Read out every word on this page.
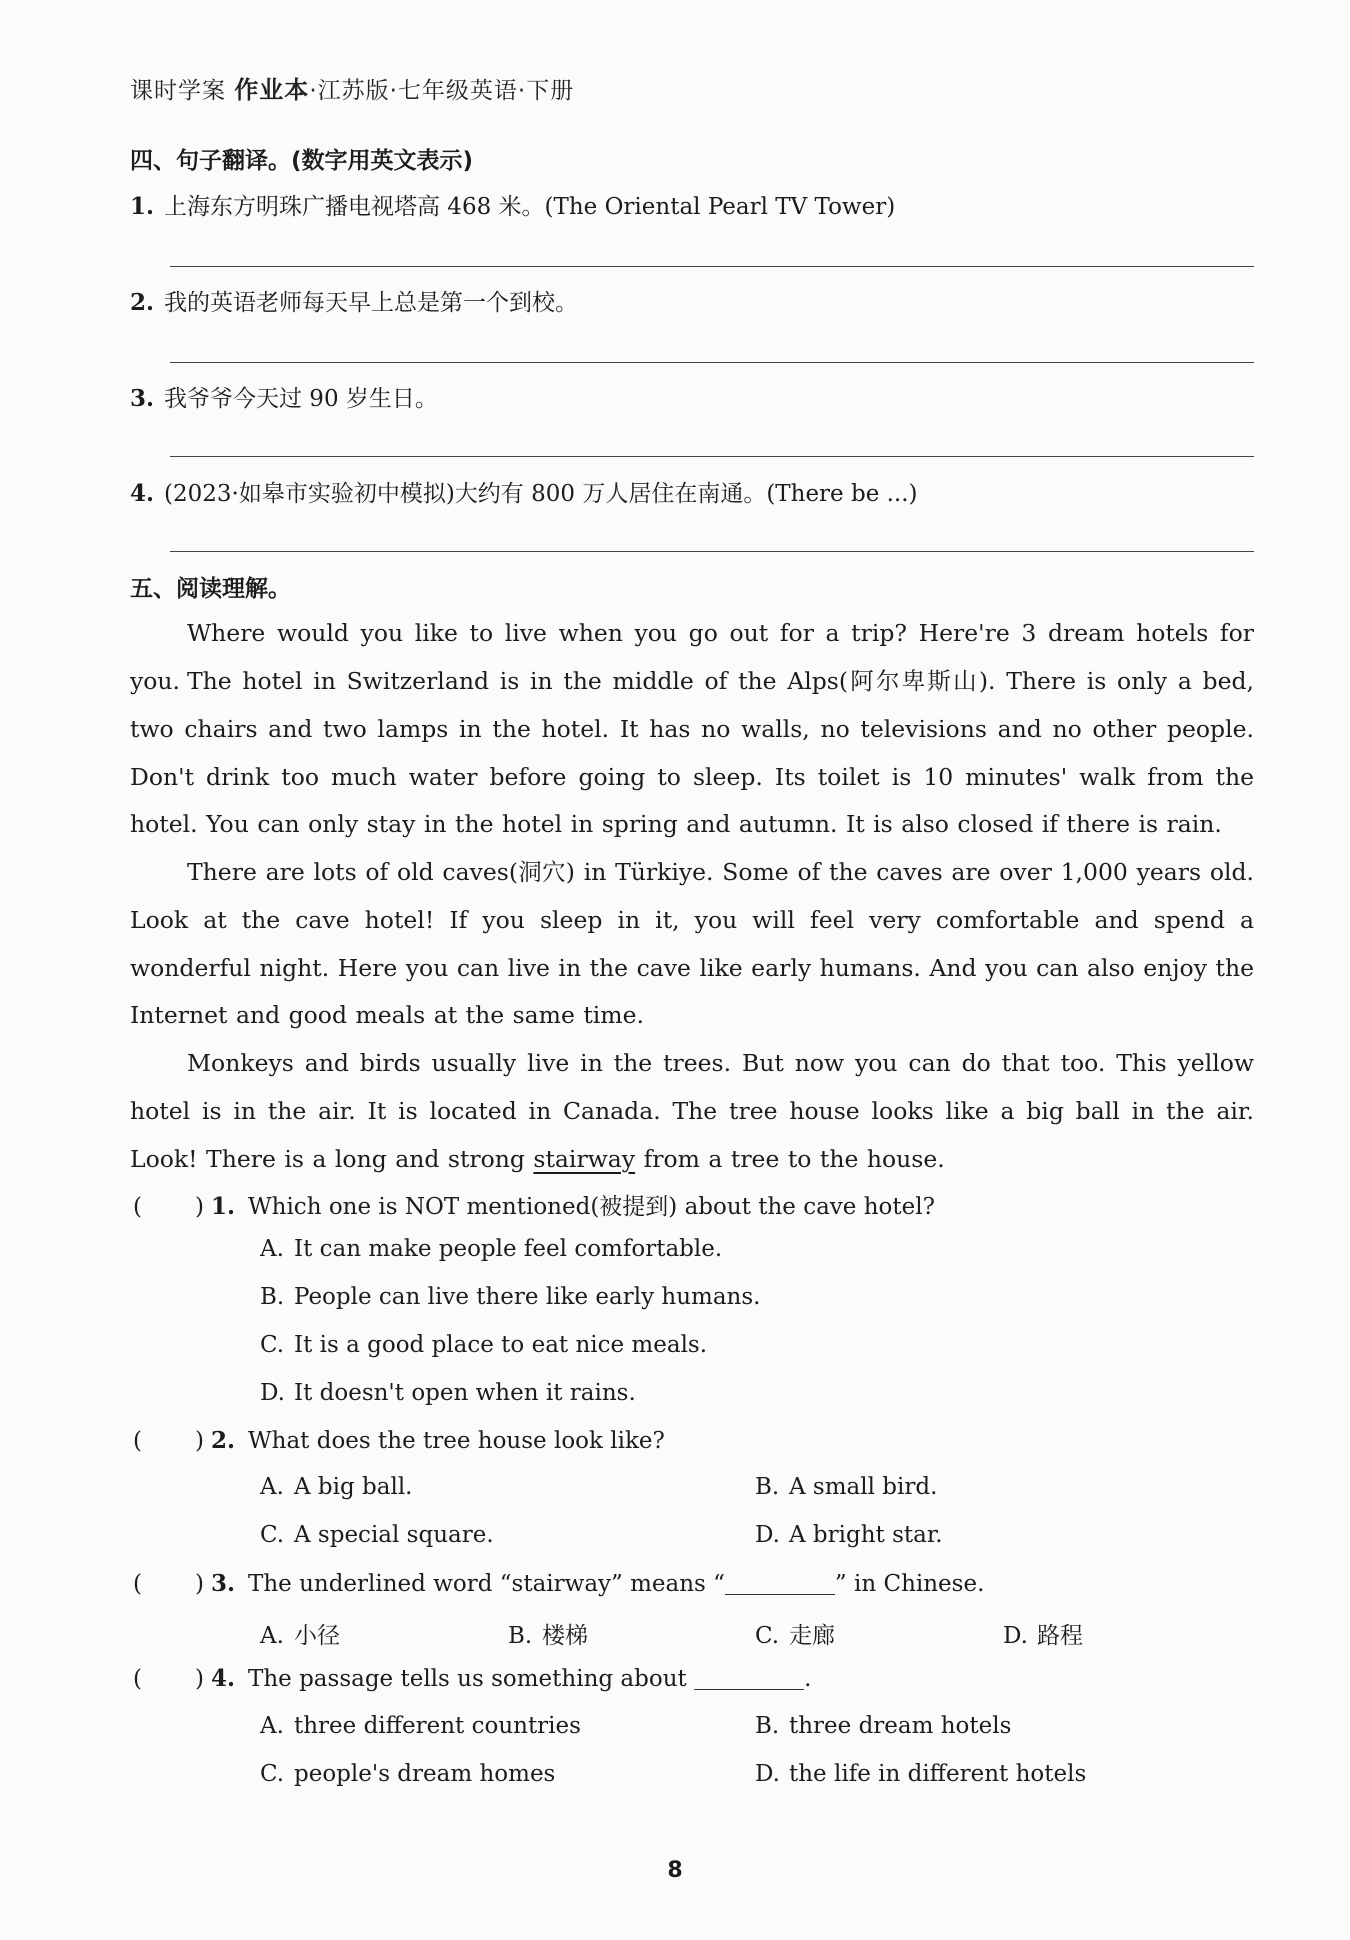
课时学案 作业本·江苏版·七年级英语·下册
四、句子翻译。(数字用英文表示)
1. 上海东方明珠广播电视塔高 468 米。(The Oriental Pearl TV Tower)
2. 我的英语老师每天早上总是第一个到校。
3. 我爷爷今天过 90 岁生日。
4. (2023·如皋市实验初中模拟)大约有 800 万人居住在南通。(There be ...)
五、阅读理解。

Where would you like to live when you go out for a trip? Here're 3 dream hotels for you. The hotel in Switzerland is in the middle of the Alps(阿尔卑斯山). There is only a bed, two chairs and two lamps in the hotel. It has no walls, no televisions and no other people. Don't drink too much water before going to sleep. Its toilet is 10 minutes' walk from the hotel. You can only stay in the hotel in spring and autumn. It is also closed if there is rain.

There are lots of old caves(洞穴) in Türkiye. Some of the caves are over 1,000 years old. Look at the cave hotel! If you sleep in it, you will feel very comfortable and spend a wonderful night. Here you can live in the cave like early humans. And you can also enjoy the Internet and good meals at the same time.

Monkeys and birds usually live in the trees. But now you can do that too. This yellow hotel is in the air. It is located in Canada. The tree house looks like a big ball in the air. Look! There is a long and strong stairway from a tree to the house.

( ) 1. Which one is NOT mentioned(被提到) about the cave hotel?
A. It can make people feel comfortable.
B. People can live there like early humans.
C. It is a good place to eat nice meals.
D. It doesn't open when it rains.
( ) 2. What does the tree house look like?
A. A big ball.	B. A small bird.
C. A special square.	D. A bright star.
( ) 3. The underlined word “stairway” means “	” in Chinese.
A. 小径	B. 楼梯	C. 走廊	D. 路程
( ) 4. The passage tells us something about	.
A. three different countries	B. three dream hotels
C. people's dream homes	D. the life in different hotels
8
